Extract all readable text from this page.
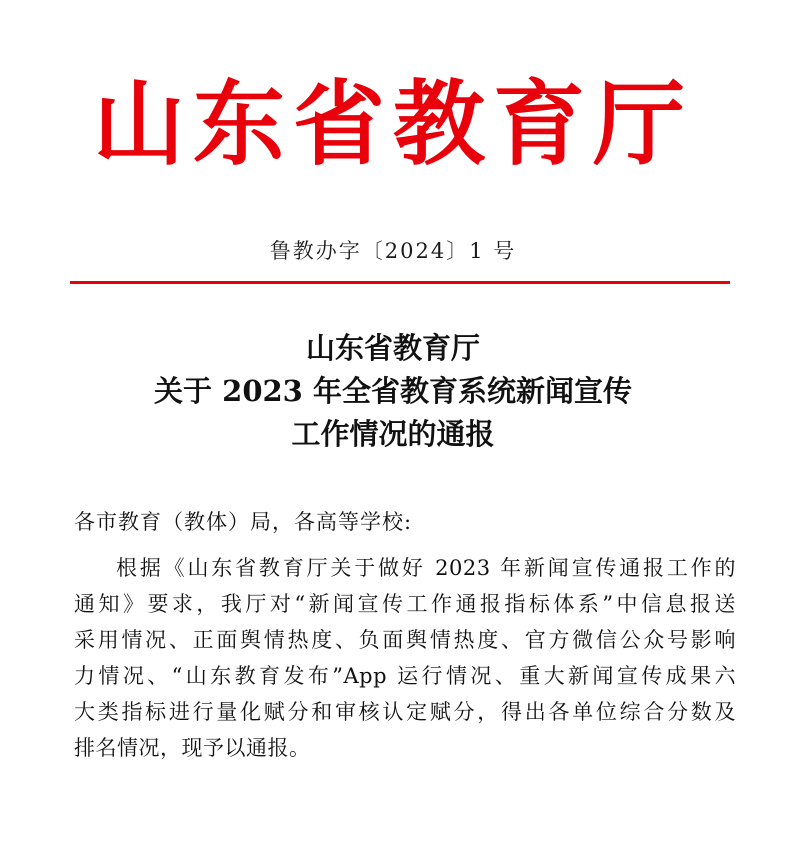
山东省教育厅
鲁教办字〔2024〕1 号
山东省教育厅
关于 2023 年全省教育系统新闻宣传
工作情况的通报
各市教育（教体）局，各高等学校:
根据《山东省教育厅关于做好 2023 年新闻宣传通报工作的
通知》要求，我厅对“新闻宣传工作通报指标体系”中信息报送
采用情况、正面舆情热度、负面舆情热度、官方微信公众号影响
力情况、“山东教育发布”App 运行情况、重大新闻宣传成果六
大类指标进行量化赋分和审核认定赋分，得出各单位综合分数及
排名情况，现予以通报。
